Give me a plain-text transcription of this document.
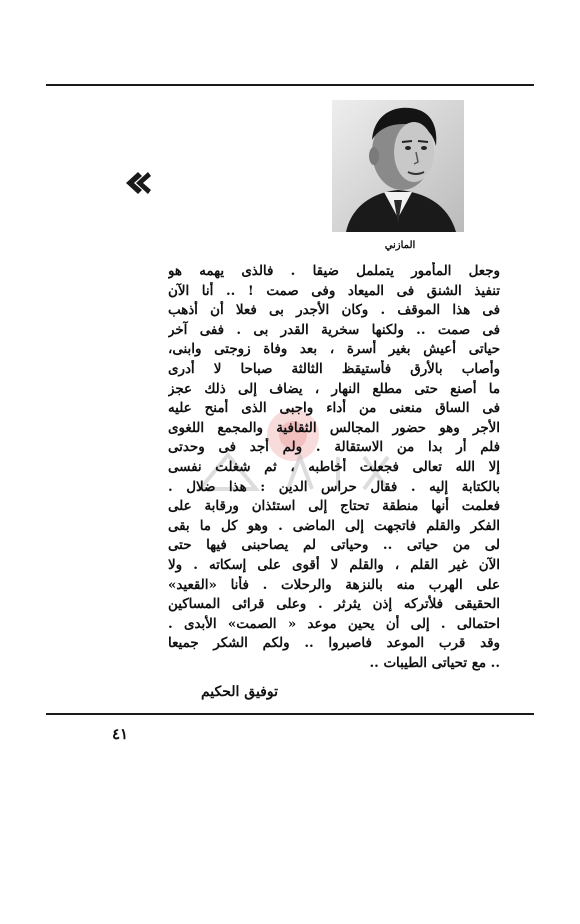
المازني
وجعل المأمور يتململ ضيقا . فالذى يهمه هو
تنفيذ الشنق فى الميعاد وفى صمت ! .. أنا الآن
فى هذا الموقف . وكان الأجدر بى فعلا أن أذهب
فى صمت .. ولكنها سخرية القدر بى . ففى آخر
حياتى أعيش بغير أسرة ، بعد وفاة زوجتى وابنى،
وأصاب بالأرق فأستيقظ الثالثة صباحا لا أدرى
ما أصنع حتى مطلع النهار ، يضاف إلى ذلك عجز
فى الساق منعنى من أداء واجبى الذى أمنح عليه
الأجر وهو حضور المجالس الثقافية والمجمع اللغوى
فلم أر بدا من الاستقالة . ولم أجد فى وحدتى
إلا الله تعالى فجعلت أخاطبه ، ثم شغلت نفسى
بالكتابة إليه . فقال حراس الدين : هذا ضلال .
فعلمت أنها منطقة تحتاج إلى استئذان ورقابة على
الفكر والقلم فاتجهت إلى الماضى . وهو كل ما بقى
لى من حياتى .. وحياتى لم يصاحبنى فيها حتى
الآن غير القلم ، والقلم لا أقوى على إسكاته . ولا
على الهرب منه بالنزهة والرحلات . فأنا «القعيد»
الحقيقى فلأتركه إذن يثرثر . وعلى قرائى المساكين
احتمالى . إلى أن يحين موعد « الصمت» الأبدى .
وقد قرب الموعد فاصبروا .. ولكم الشكر جميعا
.. مع تحياتى الطيبات ..
توفيق الحكيم
٤١
